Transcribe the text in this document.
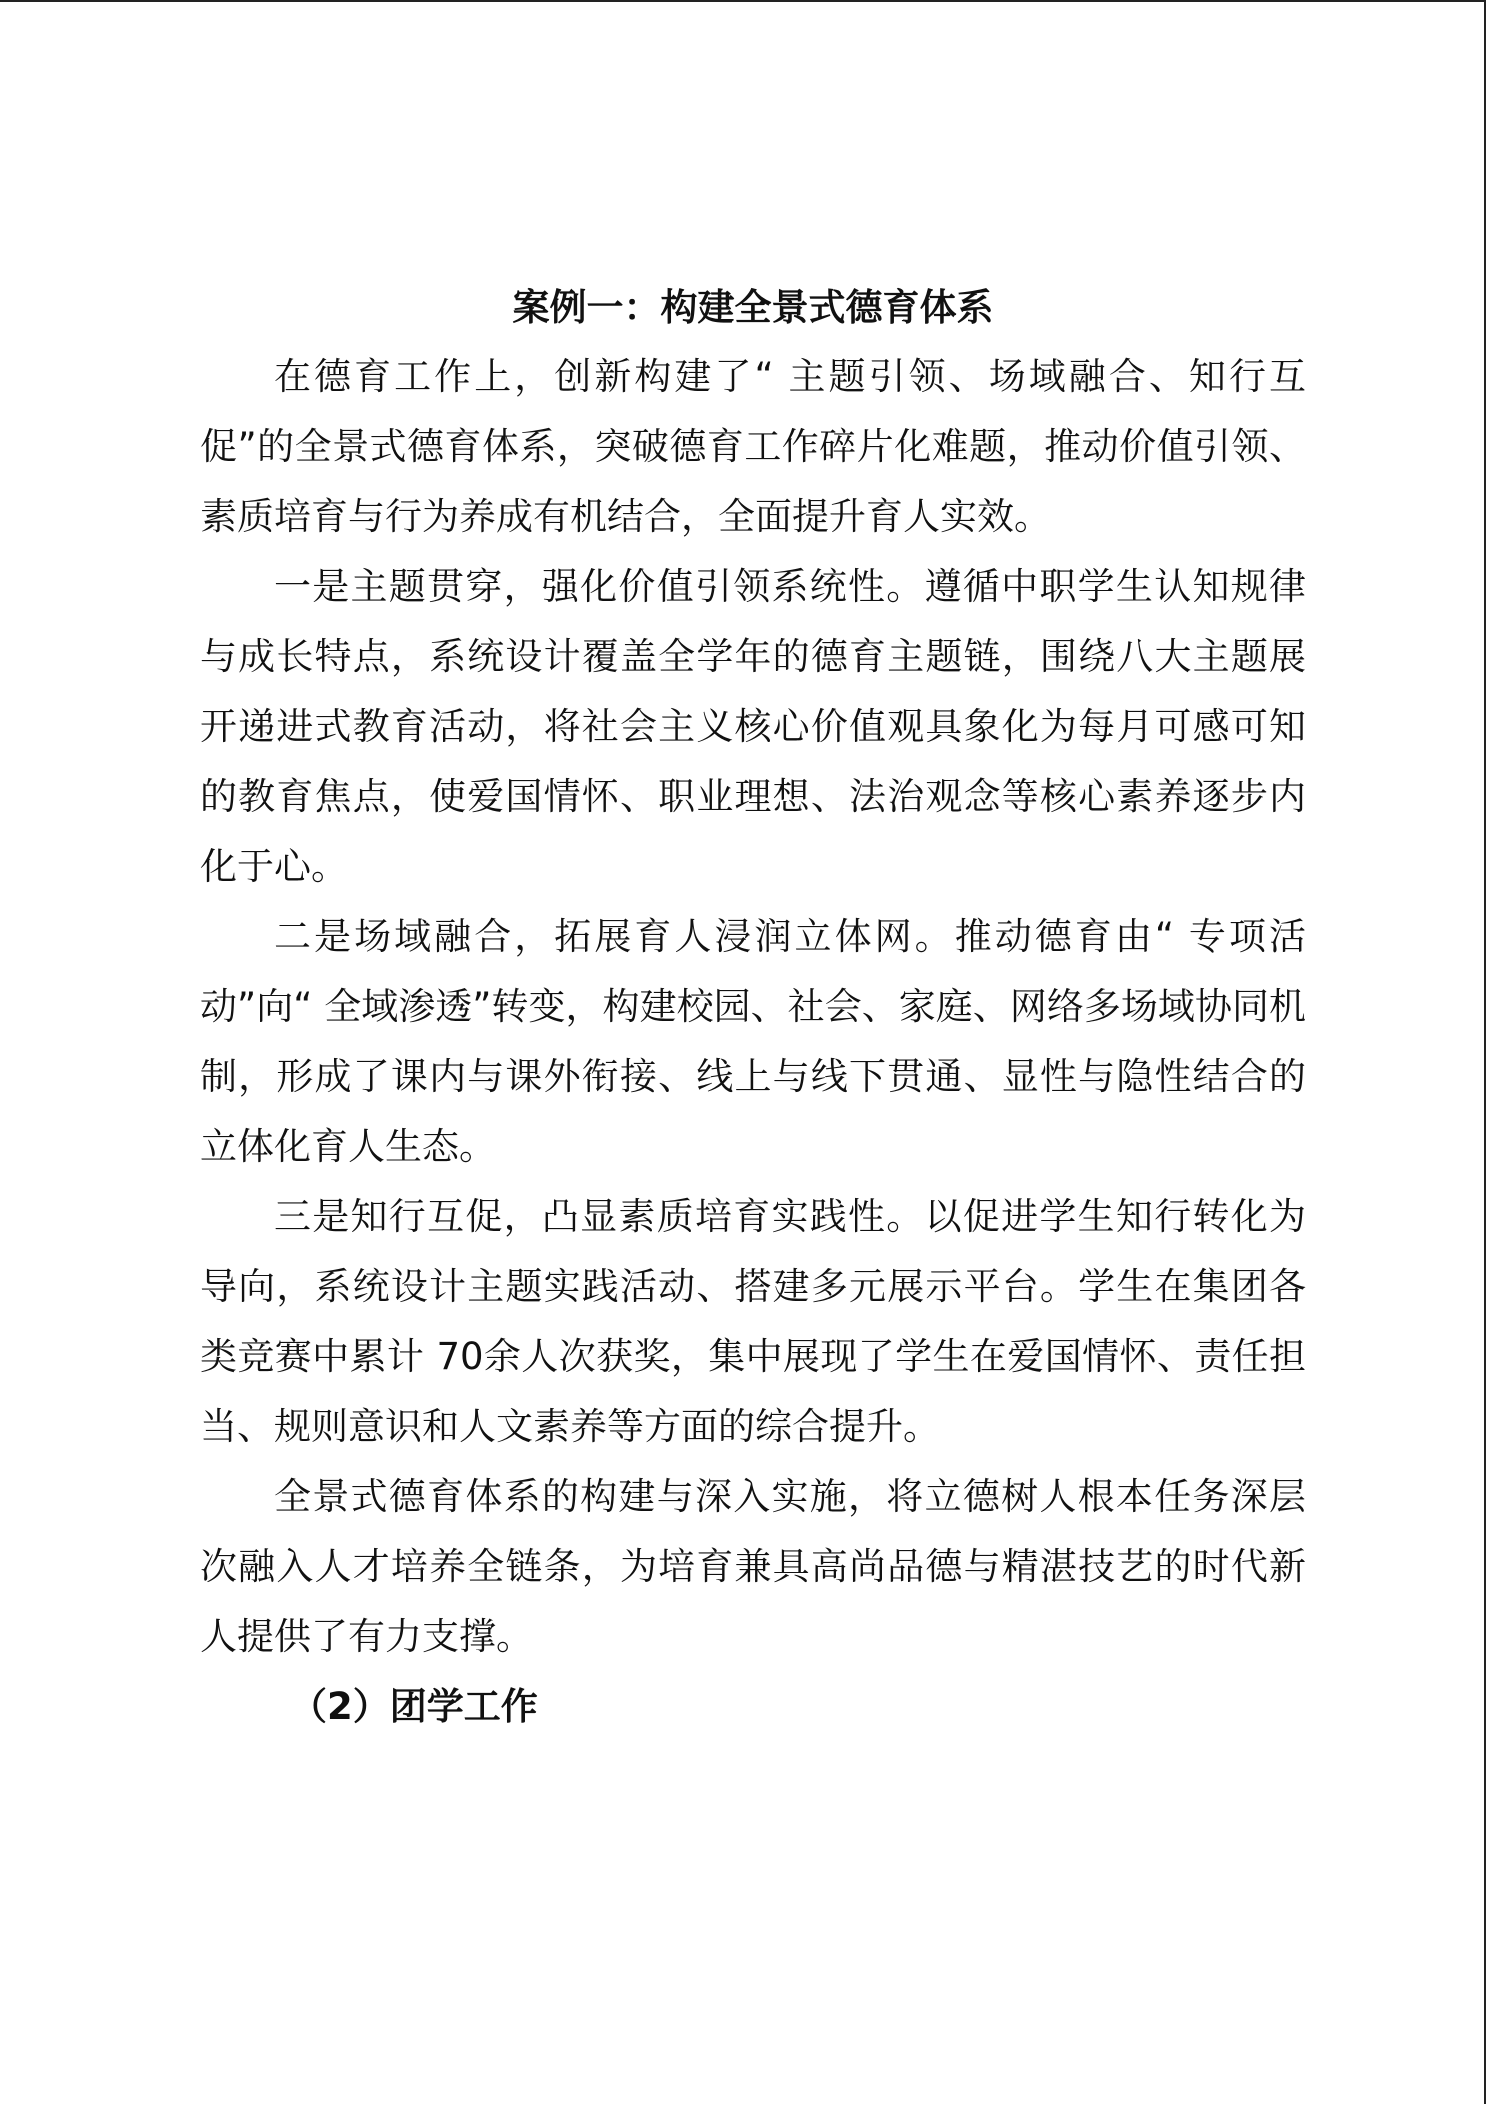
案例一：构建全景式德育体系

在德育工作上，创新构建了“ 主题引领、场域融合、知行互促”的全景式德育体系，突破德育工作碎片化难题，推动价值引领、素质培育与行为养成有机结合，全面提升育人实效。

一是主题贯穿，强化价值引领系统性。遵循中职学生认知规律与成长特点，系统设计覆盖全学年的德育主题链，围绕八大主题展开递进式教育活动，将社会主义核心价值观具象化为每月可感可知的教育焦点，使爱国情怀、职业理想、法治观念等核心素养逐步内化于心。

二是场域融合，拓展育人浸润立体网。推动德育由“ 专项活动”向“ 全域渗透”转变，构建校园、社会、家庭、网络多场域协同机制，形成了课内与课外衔接、线上与线下贯通、显性与隐性结合的立体化育人生态。

三是知行互促，凸显素质培育实践性。以促进学生知行转化为导向，系统设计主题实践活动、搭建多元展示平台。学生在集团各类竞赛中累计 70余人次获奖，集中展现了学生在爱国情怀、责任担当、规则意识和人文素养等方面的综合提升。

全景式德育体系的构建与深入实施，将立德树人根本任务深层次融入人才培养全链条，为培育兼具高尚品德与精湛技艺的时代新人提供了有力支撑。

（2）团学工作
